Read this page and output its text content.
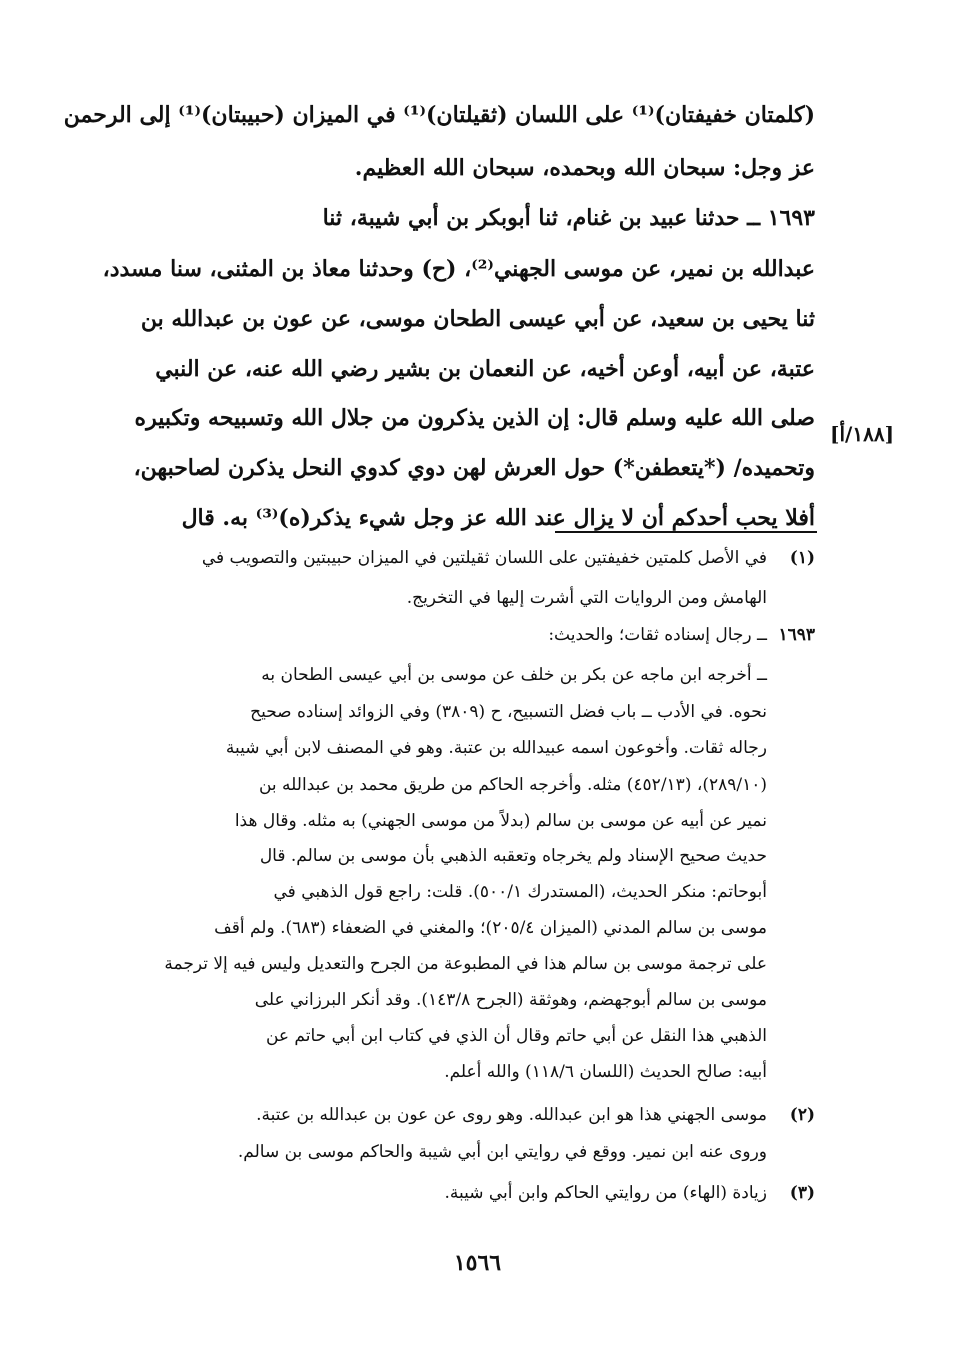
(كلمتان خفيفتان)⁽¹⁾ على اللسان (ثقيلتان)⁽¹⁾ في الميزان (حبيبتان)⁽¹⁾ إلى الرحمن
عز وجل: سبحان الله وبحمده، سبحان الله العظيم.
١٦٩٣ ــ حدثنا عبيد بن غنام، ثنا أبوبكر بن أبي شيبة، ثنا
عبدالله بن نمير، عن موسى الجهني⁽²⁾، (ح) وحدثنا معاذ بن المثنى، سنا مسدد،
ثنا يحيى بن سعيد، عن أبي عيسى الطحان موسى، عن عون بن عبدالله بن
عتبة، عن أبيه، أوعن أخيه، عن النعمان بن بشير رضي الله عنه، عن النبي
صلى الله عليه وسلم قال: إن الذين يذكرون من جلال الله وتسبيحه وتكبيره
وتحميده/ (*يتعطفن*) حول العرش لهن دوي كدوي النحل يذكرن لصاحبهن،
أفلا يحب أحدكم أن لا يزال عند الله عز وجل شيء يذكر(ه)⁽³⁾ به. قال
[١٨٨/أ]
(١)
في الأصل كلمتين خفيفتين على اللسان ثقيلتين في الميزان حبيبتين والتصويب في
الهامش ومن الروايات التي أشرت إليها في التخريج.
١٦٩٣
ــ رجال إسناده ثقات؛ والحديث:
ــ أخرجه ابن ماجه عن بكر بن خلف عن موسى بن أبي عيسى الطحان به
نحوه. في الأدب ــ باب فضل التسبيح، ح (٣٨٠٩) وفي الزوائد إسناده صحيح
رجاله ثقات. وأخوعون اسمه عبيدالله بن عتبة. وهو في المصنف لابن أبي شيبة
(٢٨٩/١٠)، (٤٥٢/١٣) مثله. وأخرجه الحاكم من طريق محمد بن عبدالله بن
نمير عن أبيه عن موسى بن سالم (بدلاً من موسى الجهني) به مثله. وقال هذا
حديث صحيح الإسناد ولم يخرجاه وتعقبه الذهبي بأن موسى بن سالم. قال
أبوحاتم: منكر الحديث، (المستدرك ٥٠٠/١). قلت: راجع قول الذهبي في
موسى بن سالم المدني (الميزان ٢٠٥/٤)؛ والمغني في الضعفاء (٦٨٣). ولم أقف
على ترجمة موسى بن سالم هذا في المطبوعة من الجرح والتعديل وليس فيه إلا ترجمة
موسى بن سالم أبوجهضم، وهوثقة (الجرح ١٤٣/٨). وقد أنكر البرزاني على
الذهبي هذا النقل عن أبي حاتم وقال أن الذي في كتاب ابن أبي حاتم عن
أبيه: صالح الحديث (اللسان ١١٨/٦) والله أعلم.
(٢)
موسى الجهني هذا هو ابن عبدالله. وهو روى عن عون بن عبدالله بن عتبة.
وروى عنه ابن نمير. ووقع في روايتي ابن أبي شيبة والحاكم موسى بن سالم.
(٣)
زيادة (الهاء) من روايتي الحاكم وابن أبي شيبة.
١٥٦٦
